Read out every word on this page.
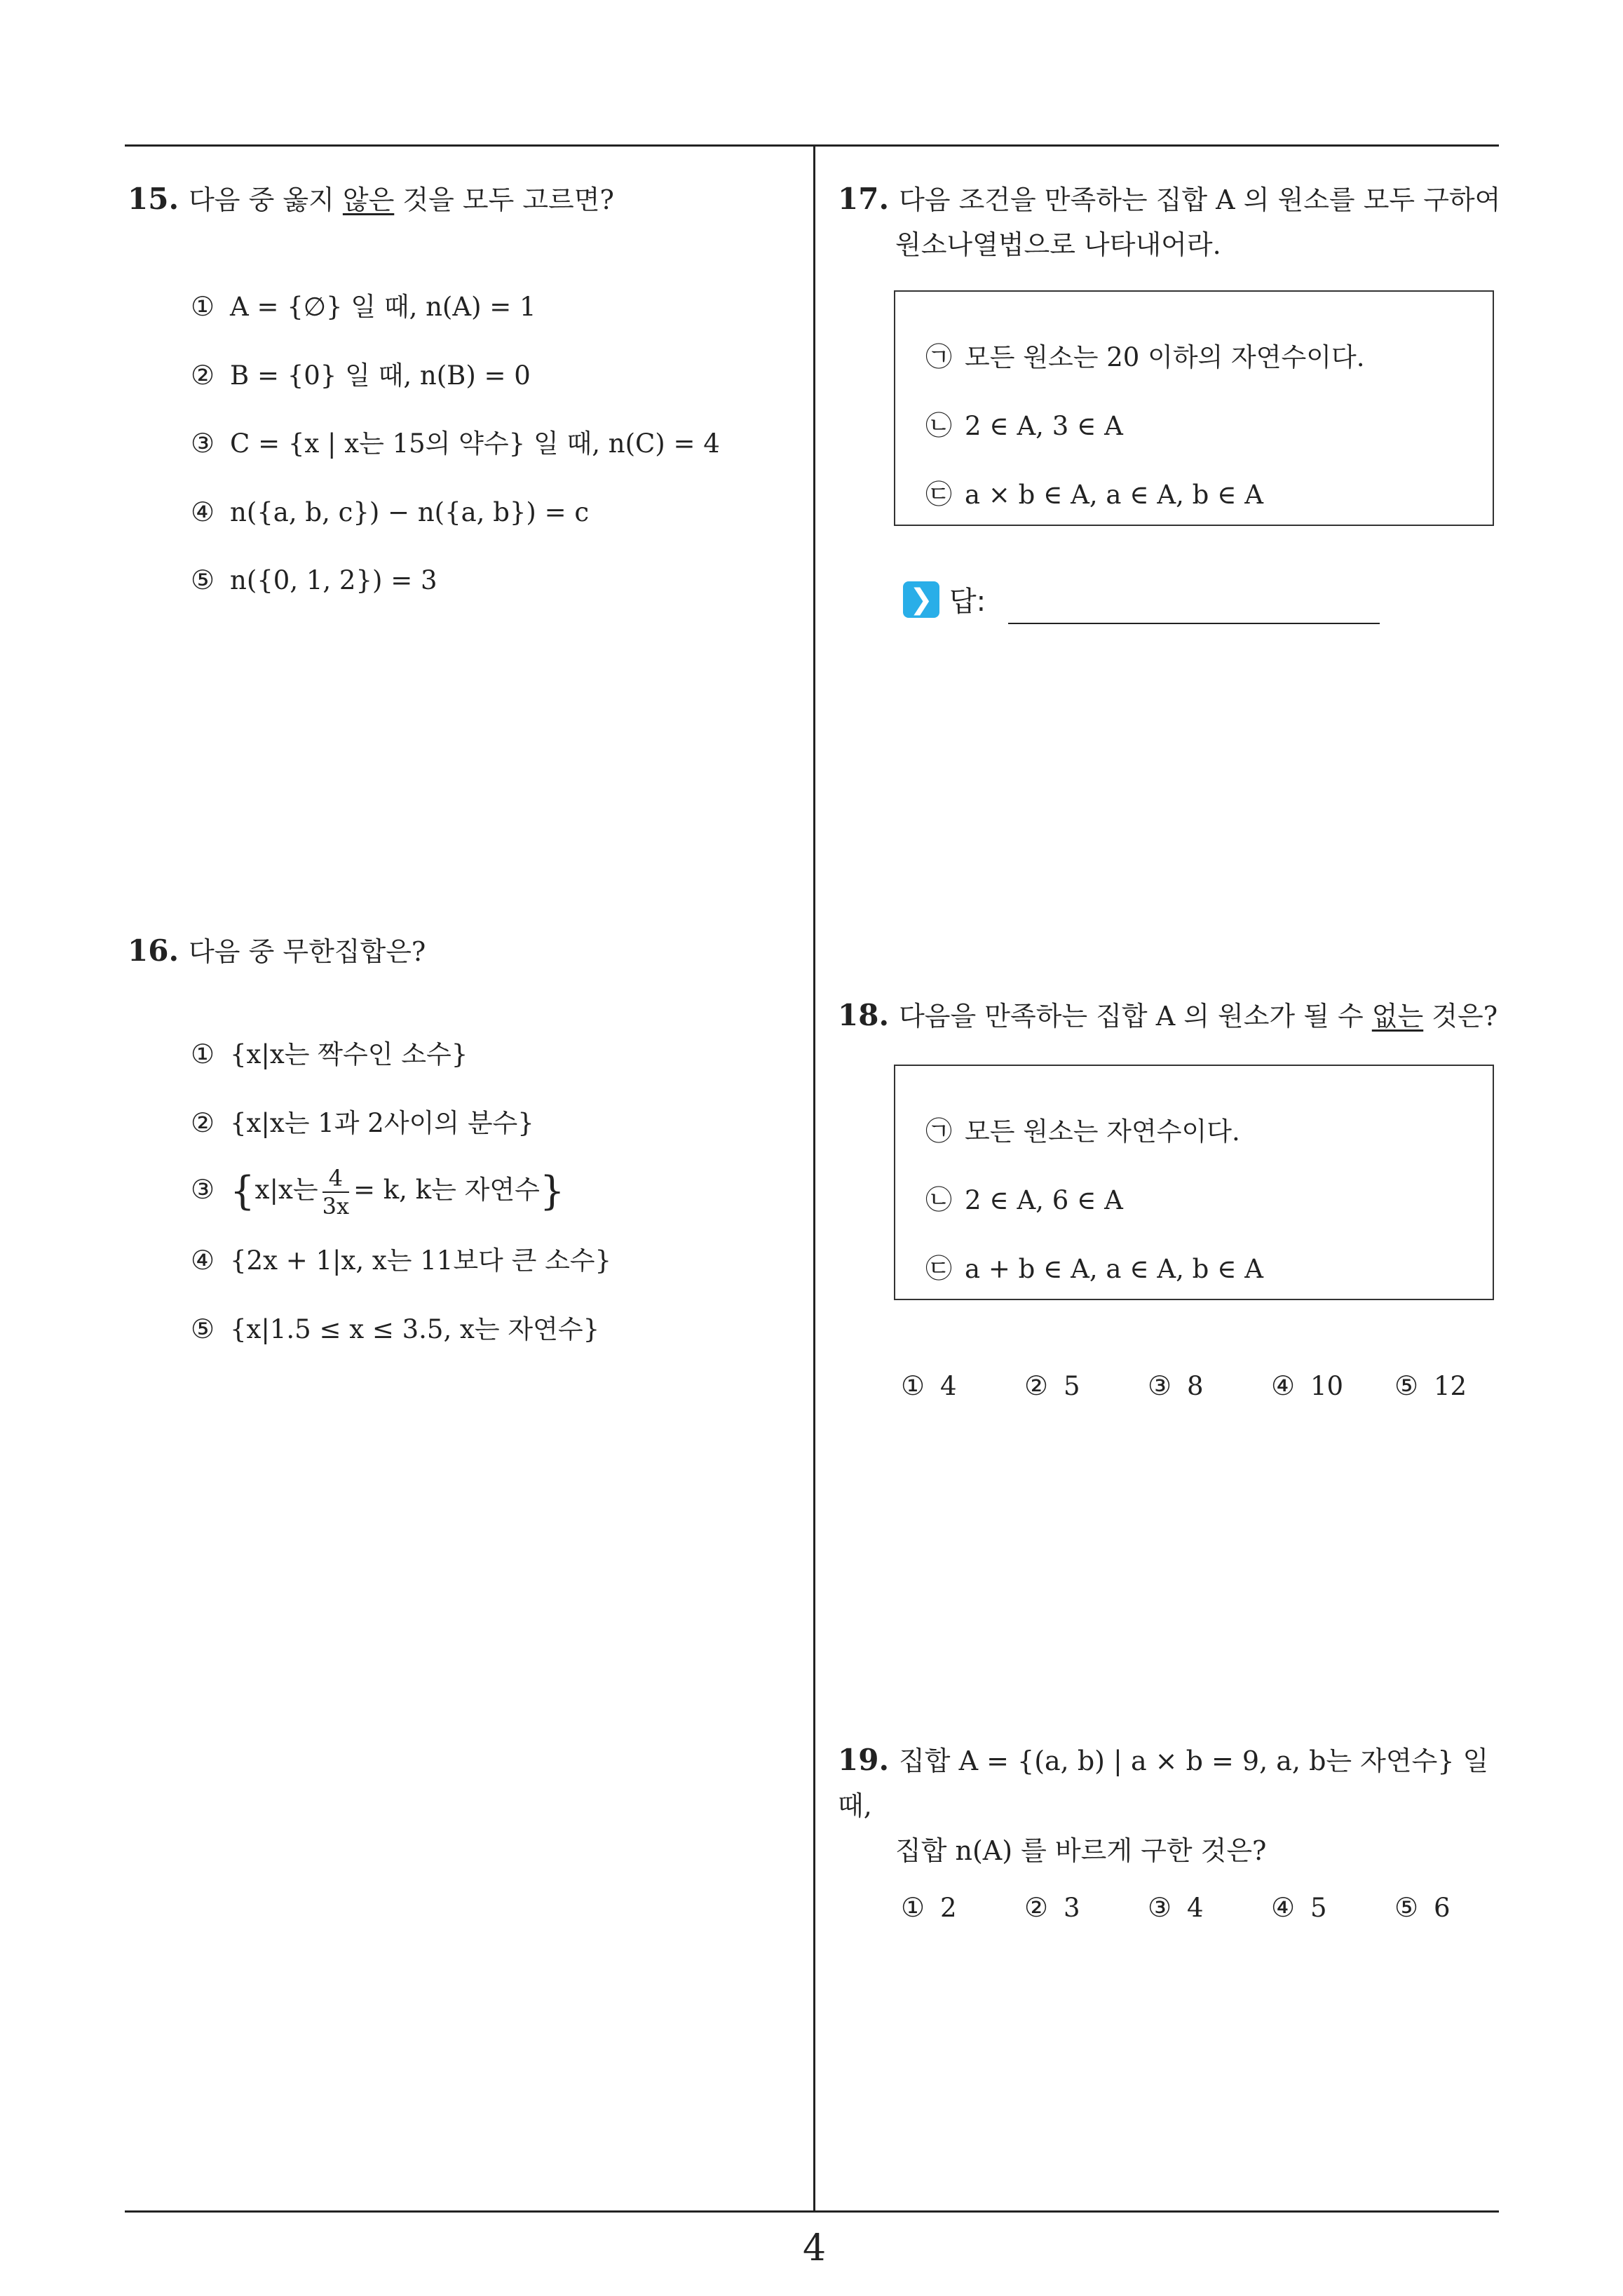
15. 다음 중 옳지 않은 것을 모두 고르면?
① A = {∅} 일 때, n(A) = 1
② B = {0} 일 때, n(B) = 0
③ C = {x | x는 15의 약수} 일 때, n(C) = 4
④ n({a, b, c}) − n({a, b}) = c
⑤ n({0, 1, 2}) = 3
16. 다음 중 무한집합은?
① {x|x는 짝수인 소수}
② {x|x는 1과 2사이의 분수}
③ {x|x는 $\frac{4}{3x} = k$, k는 자연수}
④ {2x + 1|x, x는 11보다 큰 소수}
⑤ {x|1.5 ≤ x ≤ 3.5, x는 자연수}
17. 다음 조건을 만족하는 집합 A 의 원소를 모두 구하여
원소나열법으로 나타내어라.
㉠ 모든 원소는 20 이하의 자연수이다.
㉡ 2 ∈ A, 3 ∈ A
㉢ a × b ∈ A, a ∈ A, b ∈ A
❯ 답:
18. 다음을 만족하는 집합 A 의 원소가 될 수 없는 것은?
㉠ 모든 원소는 자연수이다.
㉡ 2 ∈ A, 6 ∈ A
㉢ a + b ∈ A, a ∈ A, b ∈ A
① 4	② 5	③ 8	④ 10 ⑤ 12
19. 집합 A = {(a, b) | a × b = 9, a, b는 자연수} 일 때,
집합 n(A) 를 바르게 구한 것은?
① 2	② 3	③ 4	④ 5	⑤ 6
4
